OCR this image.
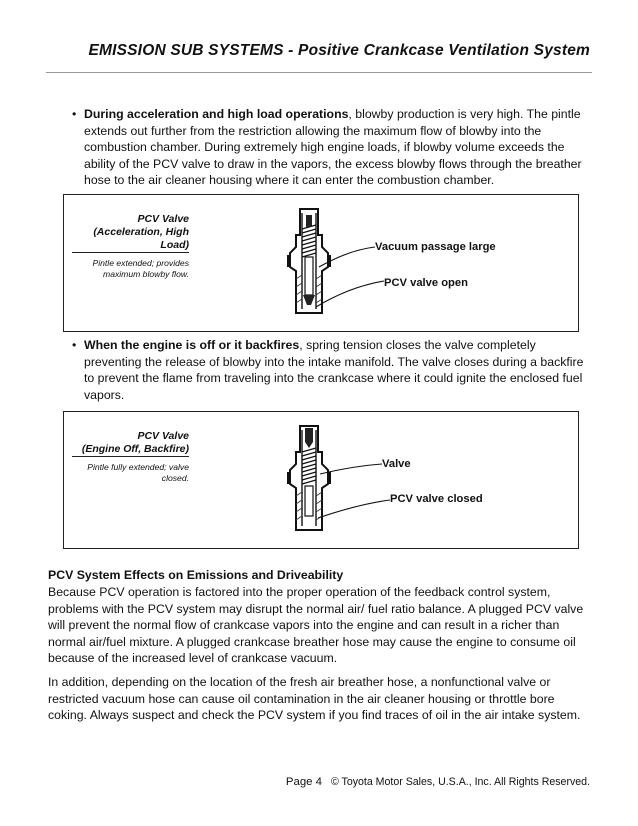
EMISSION SUB SYSTEMS - Positive Crankcase Ventilation System
• During acceleration and high load operations, blowby production is very high. The pintle extends out further from the restriction allowing the maximum flow of blowby into the combustion chamber. During extremely high engine loads, if blowby volume exceeds the ability of the PCV valve to draw in the vapors, the excess blowby flows through the breather hose to the air cleaner housing where it can enter the combustion chamber.
PCV Valve
(Acceleration, High
Load)
Pintle extended; provides
maximum blowby flow.
Vacuum passage large
PCV valve open
• When the engine is off or it backfires, spring tension closes the valve completely preventing the release of blowby into the intake manifold. The valve closes during a backfire to prevent the flame from traveling into the crankcase where it could ignite the enclosed fuel vapors.
PCV Valve
(Engine Off, Backfire)
Pintle fully extended; valve
closed.
Valve
PCV valve closed
PCV System Effects on Emissions and Driveability
Because PCV operation is factored into the proper operation of the feedback control system, problems with the PCV system may disrupt the normal air/ fuel ratio balance. A plugged PCV valve will prevent the normal flow of crankcase vapors into the engine and can result in a richer than normal air/fuel mixture. A plugged crankcase breather hose may cause the engine to consume oil because of the increased level of crankcase vacuum.
In addition, depending on the location of the fresh air breather hose, a nonfunctional valve or restricted vacuum hose can cause oil contamination in the air cleaner housing or throttle bore coking. Always suspect and check the PCV system if you find traces of oil in the air intake system.
Page 4 © Toyota Motor Sales, U.S.A., Inc. All Rights Reserved.
